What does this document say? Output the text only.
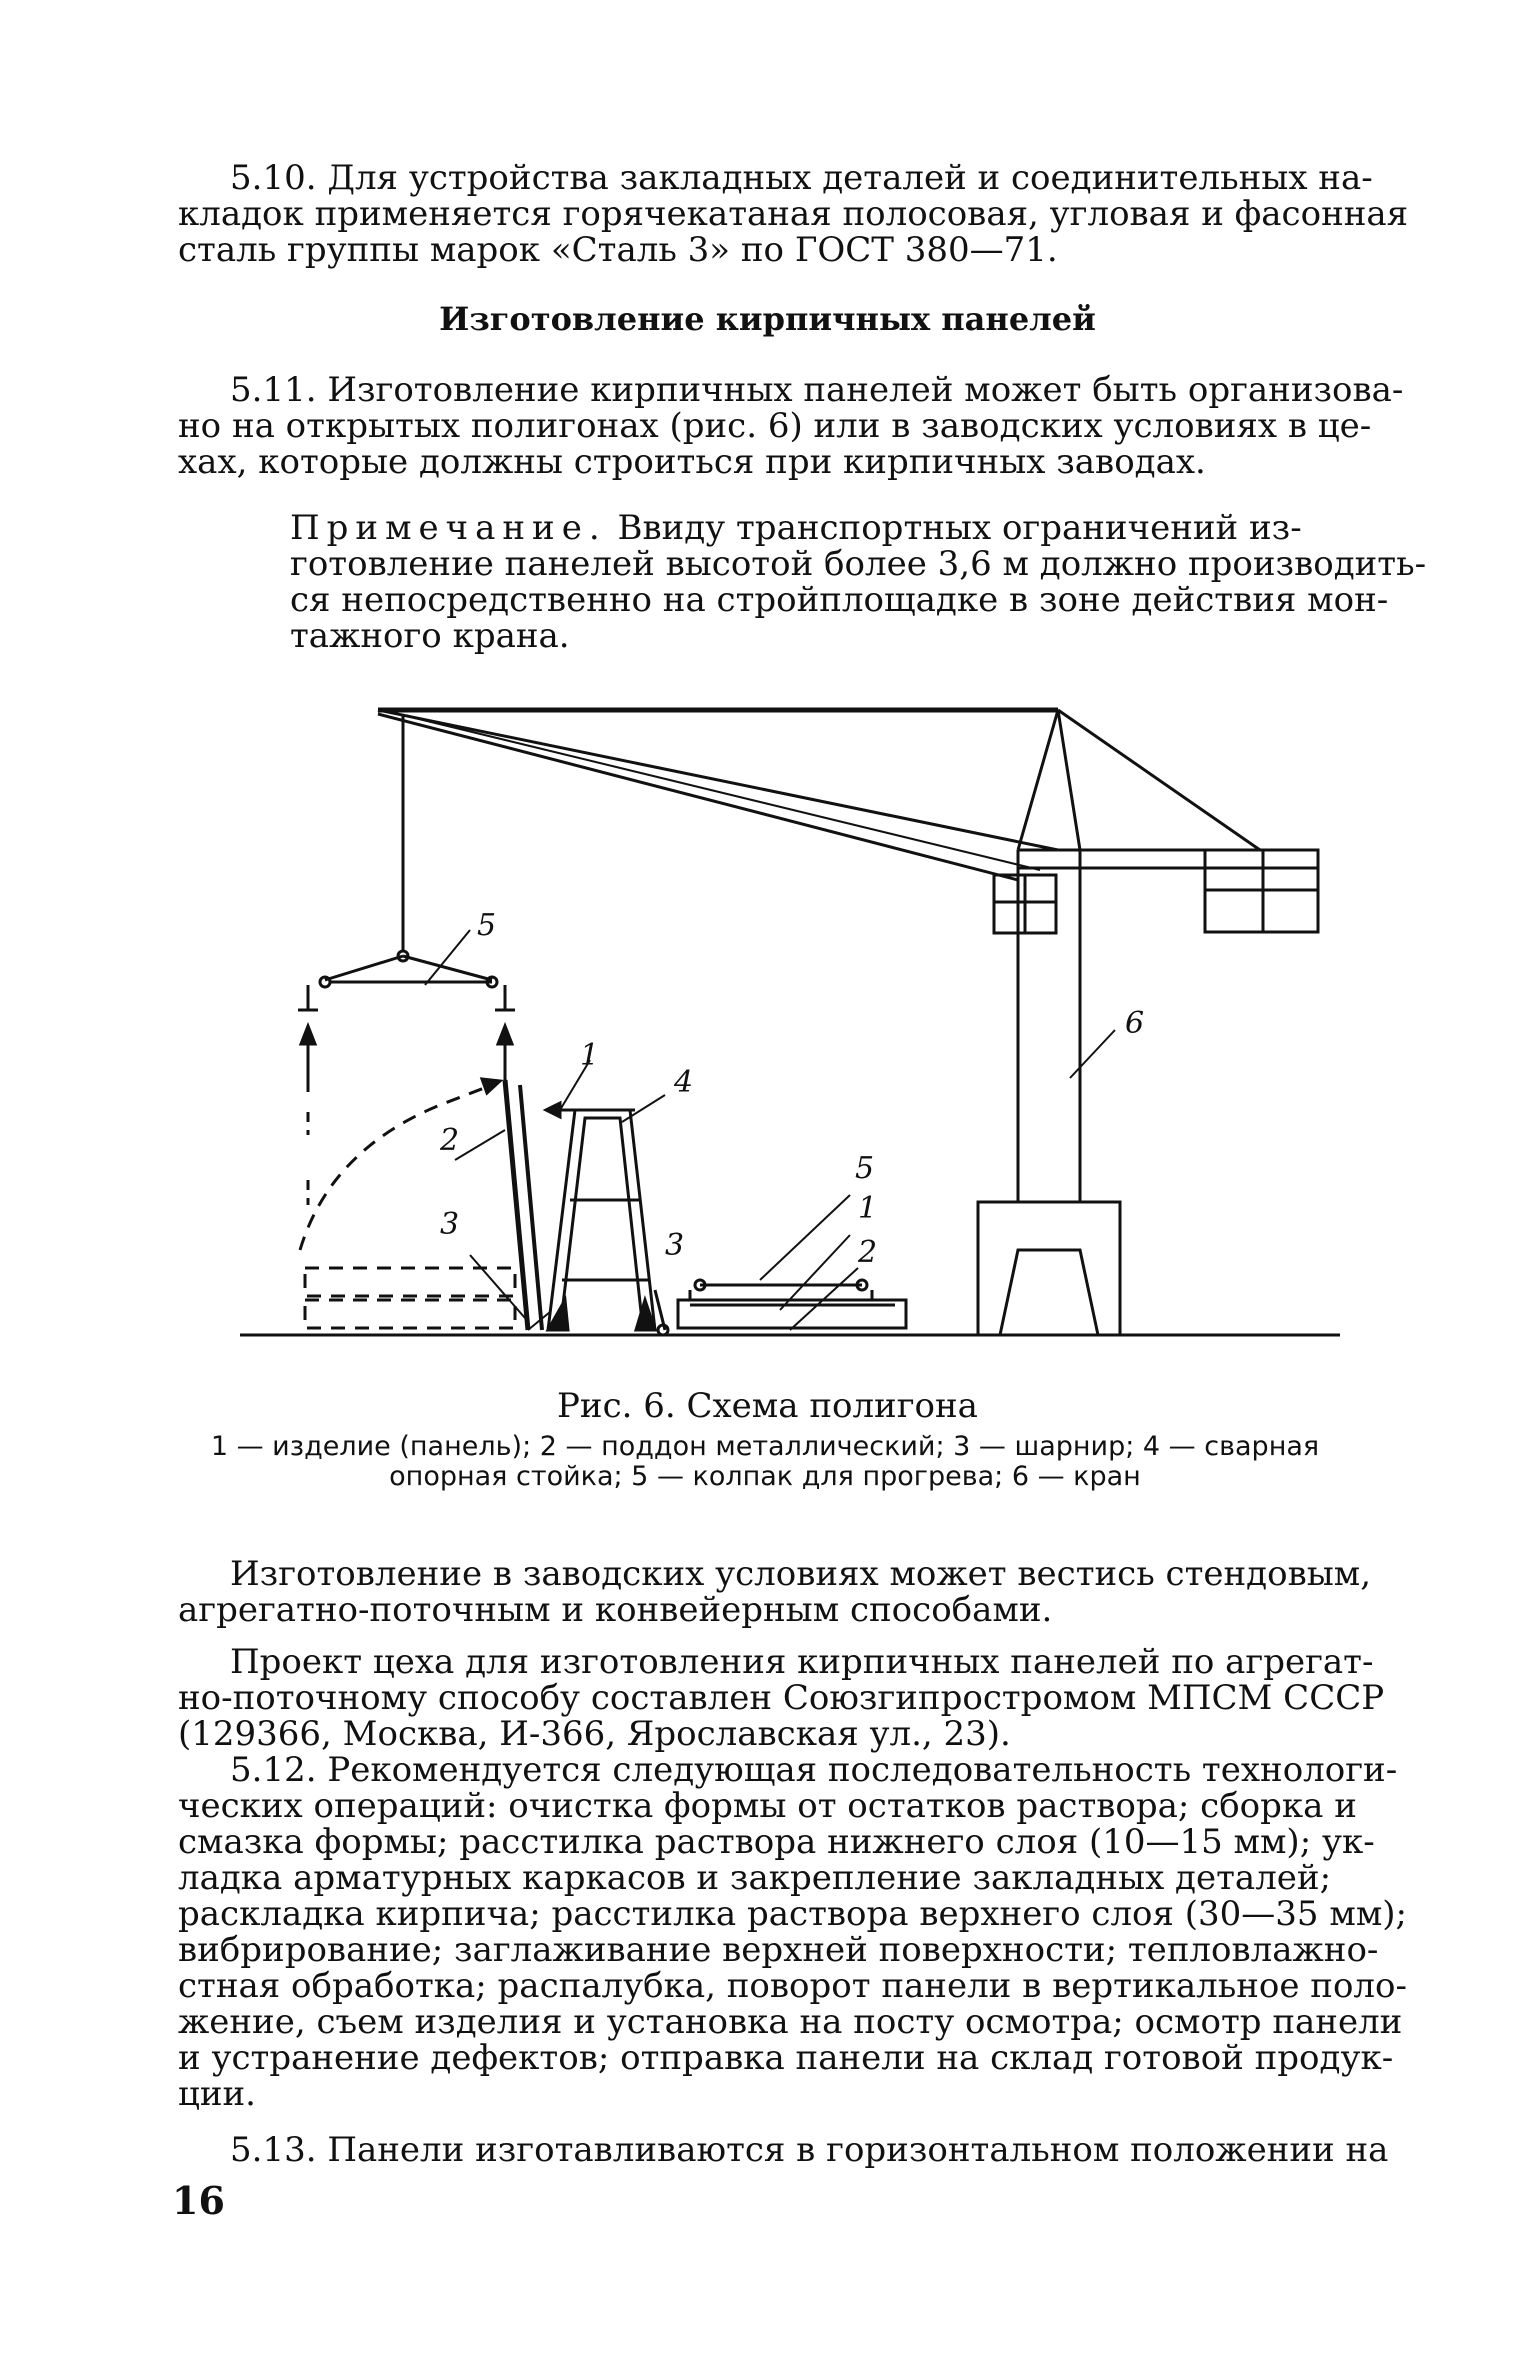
5.10. Для устройства закладных деталей и соединительных на-
кладок применяется горячекатаная полосовая, угловая и фасонная
сталь группы марок «Сталь 3» по ГОСТ 380—71.
Изготовление кирпичных панелей
5.11. Изготовление кирпичных панелей может быть организова-
но на открытых полигонах (рис. 6) или в заводских условиях в це-
хах, которые должны строиться при кирпичных заводах.
Примечание. Ввиду транспортных ограничений из-
готовление панелей высотой более 3,6 м должно производить-
ся непосредственно на стройплощадке в зоне действия мон-
тажного крана.
5
6
1
4
2
3
3
5
1
2
Рис. 6. Схема полигона
1 — изделие (панель); 2 — поддон металлический; 3 — шарнир; 4 — сварная
опорная стойка; 5 — колпак для прогрева; 6 — кран
Изготовление в заводских условиях может вестись стендовым,
агрегатно-поточным и конвейерным способами.
Проект цеха для изготовления кирпичных панелей по агрегат-
но-поточному способу составлен Союзгипростромом МПСМ СССР
(129366, Москва, И-366, Ярославская ул., 23).
5.12. Рекомендуется следующая последовательность технологи-
ческих операций: очистка формы от остатков раствора; сборка и
смазка формы; расстилка раствора нижнего слоя (10—15 мм); ук-
ладка арматурных каркасов и закрепление закладных деталей;
раскладка кирпича; расстилка раствора верхнего слоя (30—35 мм);
вибрирование; заглаживание верхней поверхности; тепловлажно-
стная обработка; распалубка, поворот панели в вертикальное поло-
жение, съем изделия и установка на посту осмотра; осмотр панели
и устранение дефектов; отправка панели на склад готовой продук-
ции.
5.13. Панели изготавливаются в горизонтальном положении на
16
